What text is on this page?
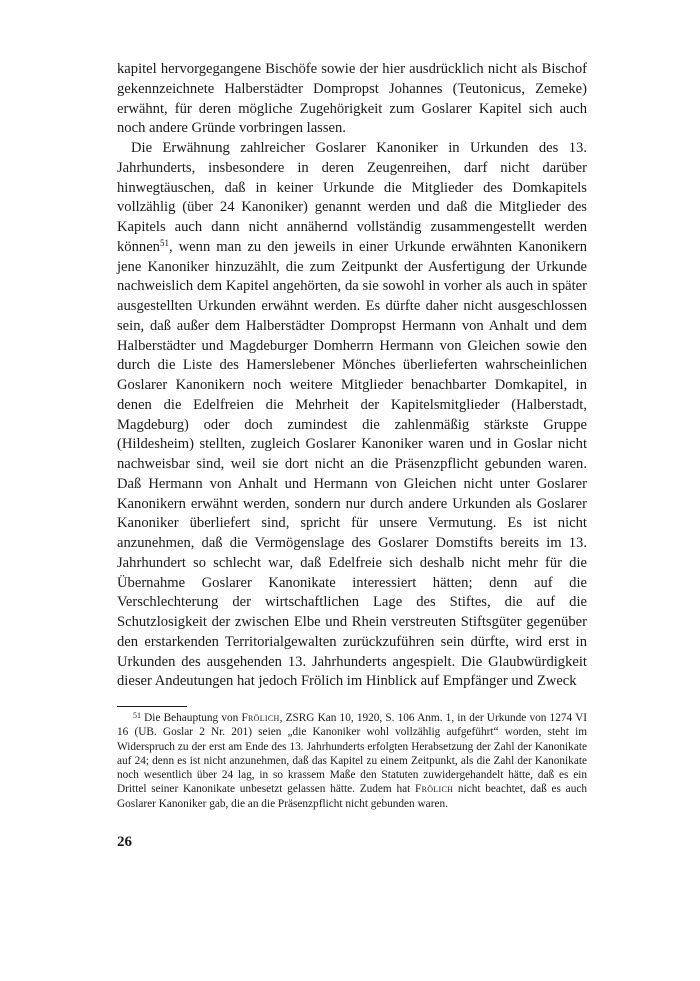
kapitel hervorgegangene Bischöfe sowie der hier ausdrücklich nicht als Bischof gekennzeichnete Halberstädter Dompropst Johannes (Teutonicus, Zemeke) erwähnt, für deren mögliche Zugehörigkeit zum Goslarer Kapitel sich auch noch andere Gründe vorbringen lassen.

Die Erwähnung zahlreicher Goslarer Kanoniker in Urkunden des 13. Jahrhunderts, insbesondere in deren Zeugenreihen, darf nicht darüber hinwegtäuschen, daß in keiner Urkunde die Mitglieder des Domkapitels vollzählig (über 24 Kanoniker) genannt werden und daß die Mitglieder des Kapitels auch dann nicht annähernd vollständig zusammengestellt werden können$^{51}$, wenn man zu den jeweils in einer Urkunde erwähnten Kanonikern jene Kanoniker hinzuzählt, die zum Zeitpunkt der Ausfertigung der Urkunde nachweislich dem Kapitel angehörten, da sie sowohl in vorher als auch in später ausgestellten Urkunden erwähnt werden. Es dürfte daher nicht ausgeschlossen sein, daß außer dem Halberstädter Dompropst Hermann von Anhalt und dem Halberstädter und Magdeburger Domherrn Hermann von Gleichen sowie den durch die Liste des Hamerslebener Mönches überlieferten wahrscheinlichen Goslarer Kanonikern noch weitere Mitglieder benachbarter Domkapitel, in denen die Edelfreien die Mehrheit der Kapitelsmitglieder (Halberstadt, Magdeburg) oder doch zumindest die zahlenmäßig stärkste Gruppe (Hildesheim) stellten, zugleich Goslarer Kanoniker waren und in Goslar nicht nachweisbar sind, weil sie dort nicht an die Präsenzpflicht gebunden waren. Daß Hermann von Anhalt und Hermann von Gleichen nicht unter Goslarer Kanonikern erwähnt werden, sondern nur durch andere Urkunden als Goslarer Kanoniker überliefert sind, spricht für unsere Vermutung. Es ist nicht anzunehmen, daß die Vermögenslage des Goslarer Domstifts bereits im 13. Jahrhundert so schlecht war, daß Edelfreie sich deshalb nicht mehr für die Übernahme Goslarer Kanonikate interessiert hätten; denn auf die Verschlechterung der wirtschaftlichen Lage des Stiftes, die auf die Schutzlosigkeit der zwischen Elbe und Rhein verstreuten Stiftsgüter gegenüber den erstarkenden Territorialgewalten zurückzuführen sein dürfte, wird erst in Urkunden des ausgehenden 13. Jahrhunderts angespielt. Die Glaubwürdigkeit dieser Andeutungen hat jedoch Frölich im Hinblick auf Empfänger und Zweck

$^{51}$ Die Behauptung von Frölich, ZSRG Kan 10, 1920, S. 106 Anm. 1, in der Urkunde von 1274 VI 16 (UB. Goslar 2 Nr. 201) seien „die Kanoniker wohl vollzählig aufgeführt“ worden, steht im Widerspruch zu der erst am Ende des 13. Jahrhunderts erfolgten Herabsetzung der Zahl der Kanonikate auf 24; denn es ist nicht anzunehmen, daß das Kapitel zu einem Zeitpunkt, als die Zahl der Kanonikate noch wesentlich über 24 lag, in so krassem Maße den Statuten zuwidergehandelt hätte, daß es ein Drittel seiner Kanonikate unbesetzt gelassen hätte. Zudem hat Frölich nicht beachtet, daß es auch Goslarer Kanoniker gab, die an die Präsenzpflicht nicht gebunden waren.

26
